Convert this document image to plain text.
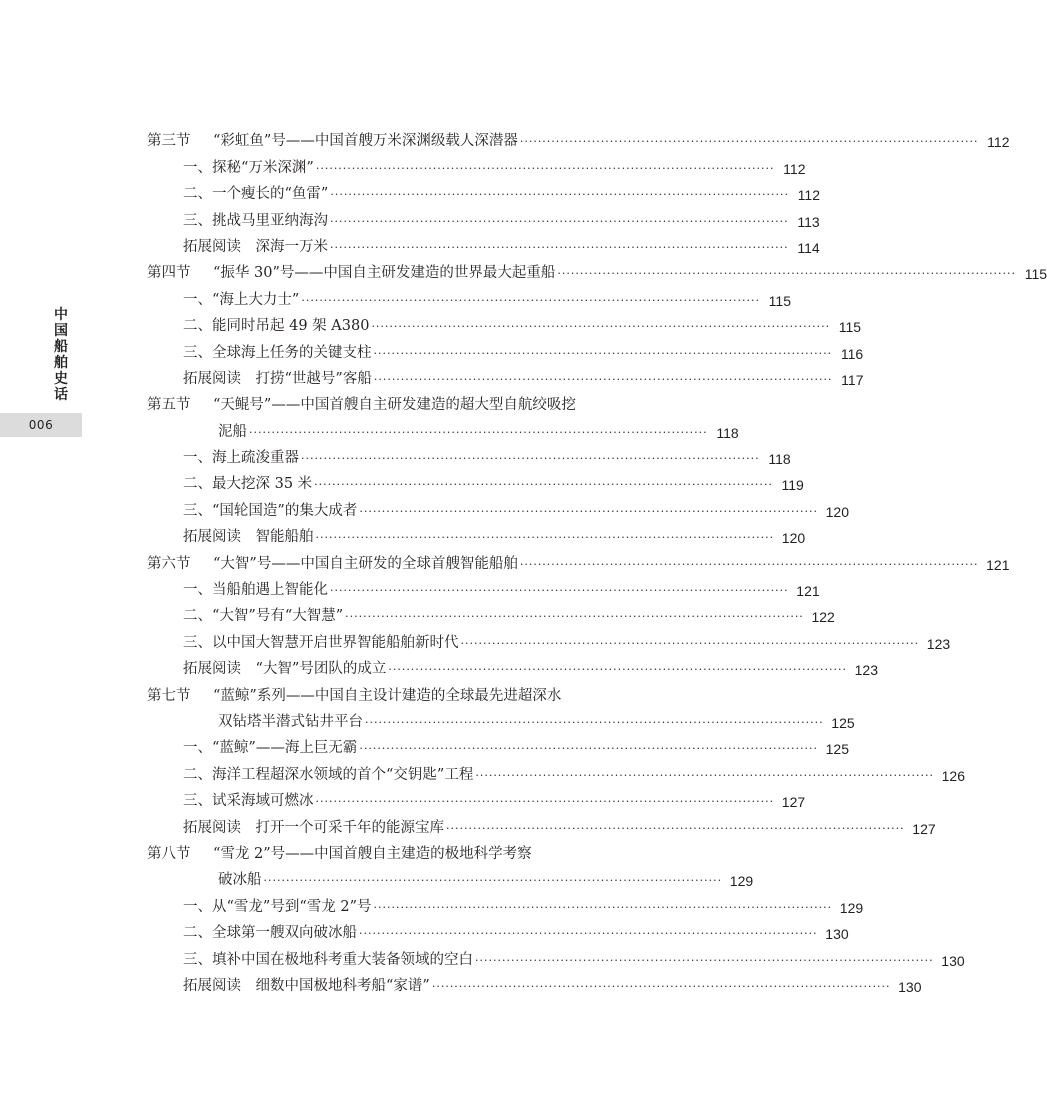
中国
船舶
史话
006
第三节 “彩虹鱼”号——中国首艘万米深渊级载人深潜器 ·····	112
一、探秘“万米深渊” ·····	112
二、一个瘦长的“鱼雷” ·····	112
三、挑战马里亚纳海沟 ·····	113
拓展阅读　深海一万米 ·····	114
第四节 “振华 30”号——中国自主研发建造的世界最大起重船 ·····	115
一、“海上大力士” ·····	115
二、能同时吊起 49 架 A380 ·····	115
三、全球海上任务的关键支柱 ·····	116
拓展阅读　打捞“世越号”客船 ·····	117
第五节 “天鲲号”——中国首艘自主研发建造的超大型自航绞吸挖
泥船 ·····	118
一、海上疏浚重器 ·····	118
二、最大挖深 35 米 ·····	119
三、“国轮国造”的集大成者 ·····	120
拓展阅读　智能船舶 ·····	120
第六节 “大智”号——中国自主研发的全球首艘智能船舶 ·····	121
一、当船舶遇上智能化 ·····	121
二、“大智”号有“大智慧” ·····	122
三、以中国大智慧开启世界智能船舶新时代 ·····	123
拓展阅读　“大智”号团队的成立 ·····	123
第七节 “蓝鲸”系列——中国自主设计建造的全球最先进超深水
双钻塔半潜式钻井平台 ·····	125
一、“蓝鲸”——海上巨无霸 ·····	125
二、海洋工程超深水领域的首个“交钥匙”工程 ·····	126
三、试采海域可燃冰 ·····	127
拓展阅读　打开一个可采千年的能源宝库 ·····	127
第八节 “雪龙 2”号——中国首艘自主建造的极地科学考察
破冰船 ·····	129
一、从“雪龙”号到“雪龙 2”号 ·····	129
二、全球第一艘双向破冰船 ·····	130
三、填补中国在极地科考重大装备领域的空白 ·····	130
拓展阅读　细数中国极地科考船“家谱” ·····	130
